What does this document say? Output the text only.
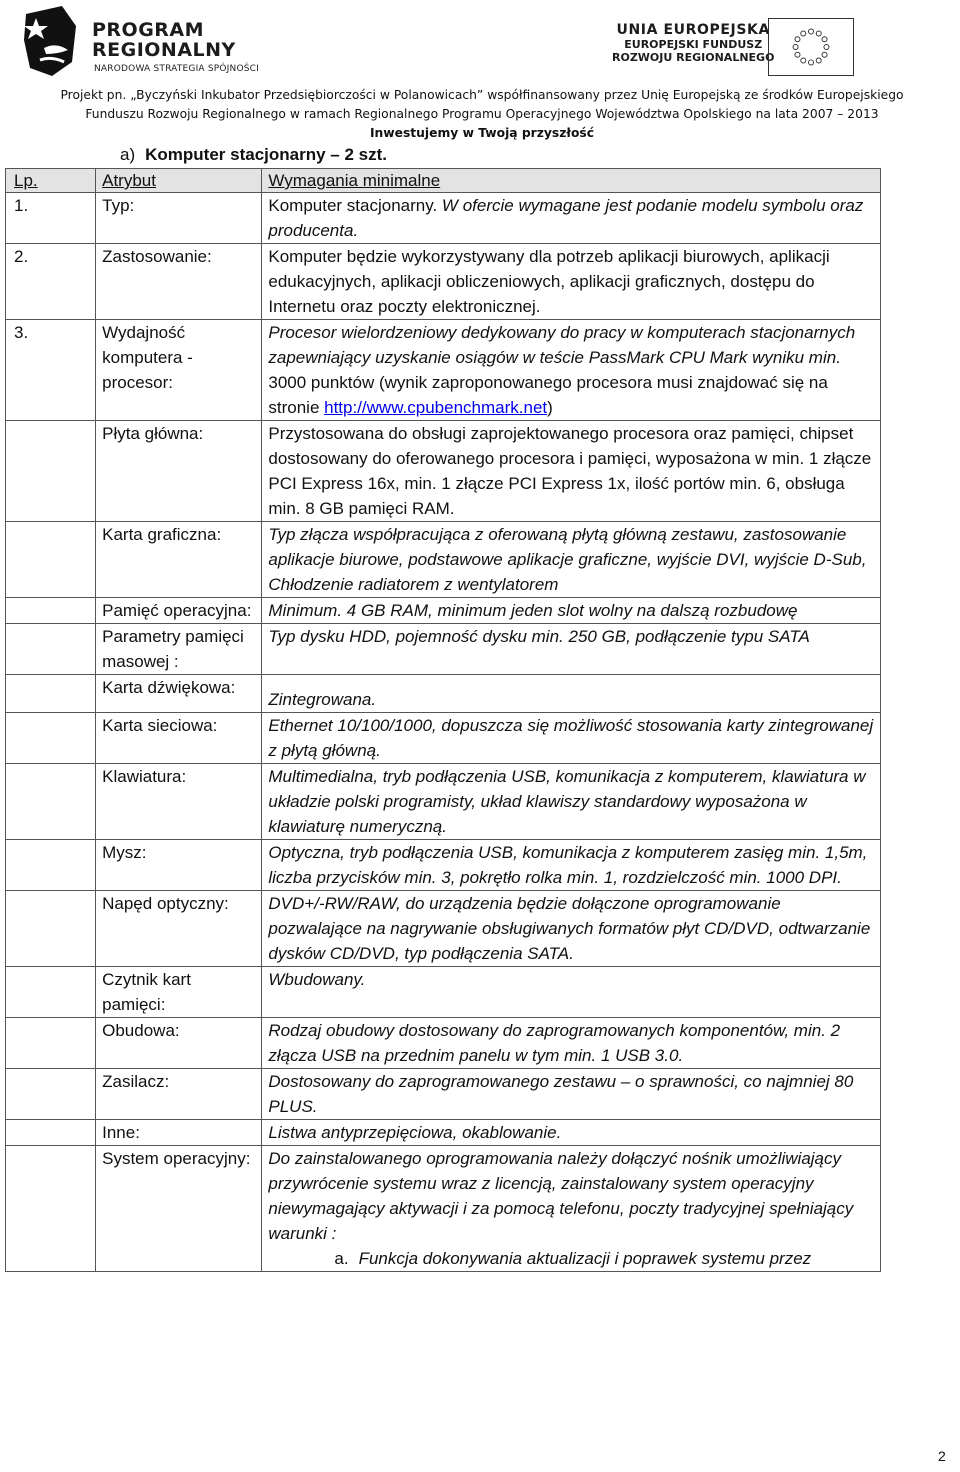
PROGRAM
REGIONALNY
NARODOWA STRATEGIA SPÓJNOŚCI
UNIA EUROPEJSKA
EUROPEJSKI FUNDUSZ
ROZWOJU REGIONALNEGO
Projekt pn. „Byczyński Inkubator Przedsiębiorczości w Polanowicach” współfinansowany przez Unię Europejską ze środków Europejskiego
Funduszu Rozwoju Regionalnego w ramach Regionalnego Programu Operacyjnego Województwa Opolskiego na lata 2007 – 2013
Inwestujemy w Twoją przyszłość
a) Komputer stacjonarny – 2 szt.
Lp.	Atrybut	Wymagania minimalne
1.	Typ:	Komputer stacjonarny. W ofercie wymagane jest podanie modelu symbolu oraz producenta.
2.	Zastosowanie:	Komputer będzie wykorzystywany dla potrzeb aplikacji biurowych, aplikacji edukacyjnych, aplikacji obliczeniowych, aplikacji graficznych, dostępu do Internetu oraz poczty elektronicznej.
3.	Wydajność komputera - procesor:	Procesor wielordzeniowy dedykowany do pracy w komputerach stacjonarnych zapewniający uzyskanie osiągów w teście PassMark CPU Mark wyniku min. 3000 punktów (wynik zaproponowanego procesora musi znajdować się na stronie http://www.cpubenchmark.net)
	Płyta główna:	Przystosowana do obsługi zaprojektowanego procesora oraz pamięci, chipset dostosowany do oferowanego procesora i pamięci, wyposażona w min. 1 złącze PCI Express 16x, min. 1 złącze PCI Express 1x, ilość portów min. 6, obsługa min. 8 GB pamięci RAM.
	Karta graficzna:	Typ złącza współpracująca z oferowaną płytą główną zestawu, zastosowanie aplikacje biurowe, podstawowe aplikacje graficzne, wyjście DVI, wyjście D-Sub, Chłodzenie radiatorem z wentylatorem
	Pamięć operacyjna:	Minimum. 4 GB RAM, minimum jeden slot wolny na dalszą rozbudowę
	Parametry pamięci masowej :	Typ dysku HDD, pojemność dysku min. 250 GB, podłączenie typu SATA
	Karta dźwiękowa:	Zintegrowana.
	Karta sieciowa:	Ethernet 10/100/1000, dopuszcza się możliwość stosowania karty zintegrowanej z płytą główną.
	Klawiatura:	Multimedialna, tryb podłączenia USB, komunikacja z komputerem, klawiatura w układzie polski programisty, układ klawiszy standardowy wyposażona w klawiaturę numeryczną.
	Mysz:	Optyczna, tryb podłączenia USB, komunikacja z komputerem zasięg min. 1,5m, liczba przycisków min. 3, pokrętło rolka min. 1, rozdzielczość min. 1000 DPI.
	Napęd optyczny:	DVD+/-RW/RAW, do urządzenia będzie dołączone oprogramowanie pozwalające na nagrywanie obsługiwanych formatów płyt CD/DVD, odtwarzanie dysków CD/DVD, typ podłączenia SATA.
	Czytnik kart pamięci:	Wbudowany.
	Obudowa:	Rodzaj obudowy dostosowany do zaprogramowanych komponentów, min. 2 złącza USB na przednim panelu w tym min. 1 USB 3.0.
	Zasilacz:	Dostosowany do zaprogramowanego zestawu – o sprawności, co najmniej 80 PLUS.
	Inne:	Listwa antyprzepięciowa, okablowanie.
	System operacyjny:	Do zainstalowanego oprogramowania należy dołączyć nośnik umożliwiający przywrócenie systemu wraz z licencją, zainstalowany system operacyjny niewymagający aktywacji i za pomocą telefonu, poczty tradycyjnej spełniający warunki :
a. Funkcja dokonywania aktualizacji i poprawek systemu przez
2
